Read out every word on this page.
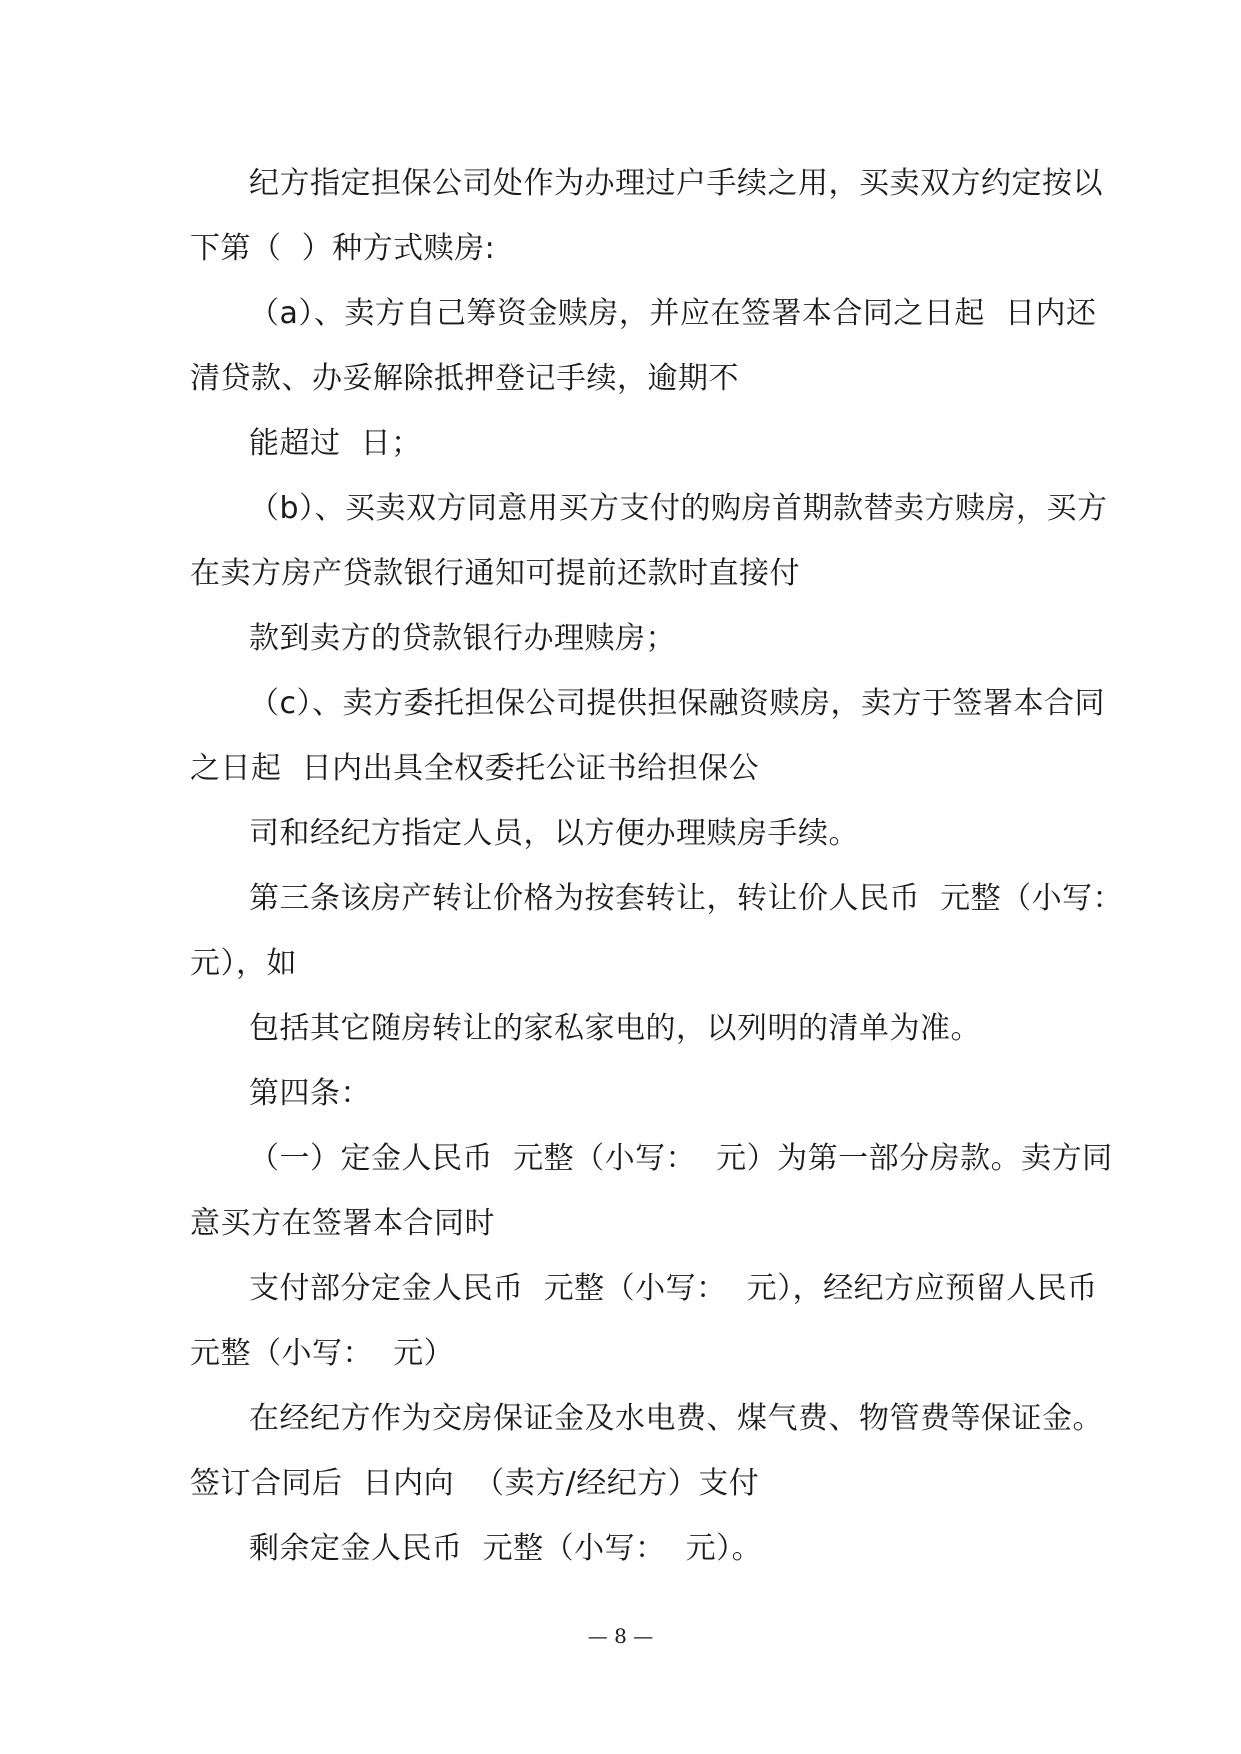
纪方指定担保公司处作为办理过户手续之用，买卖双方约定按以
下第（  ）种方式赎房:
（a）、卖方自己筹资金赎房，并应在签署本合同之日起  日内还
清贷款、办妥解除抵押登记手续，逾期不
能超过  日；
（b）、买卖双方同意用买方支付的购房首期款替卖方赎房，买方
在卖方房产贷款银行通知可提前还款时直接付
款到卖方的贷款银行办理赎房；
（c）、卖方委托担保公司提供担保融资赎房，卖方于签署本合同
之日起  日内出具全权委托公证书给担保公
司和经纪方指定人员，以方便办理赎房手续。
第三条该房产转让价格为按套转让，转让价人民币  元整（小写：
元），如
包括其它随房转让的家私家电的，以列明的清单为准。
第四条：
（一）定金人民币  元整（小写：  元）为第一部分房款。卖方同
意买方在签署本合同时
支付部分定金人民币  元整（小写：  元），经纪方应预留人民币
元整（小写：  元）
在经纪方作为交房保证金及水电费、煤气费、物管费等保证金。
签订合同后  日内向  （卖方/经纪方）支付
剩余定金人民币  元整（小写：  元）。
— 8 —
